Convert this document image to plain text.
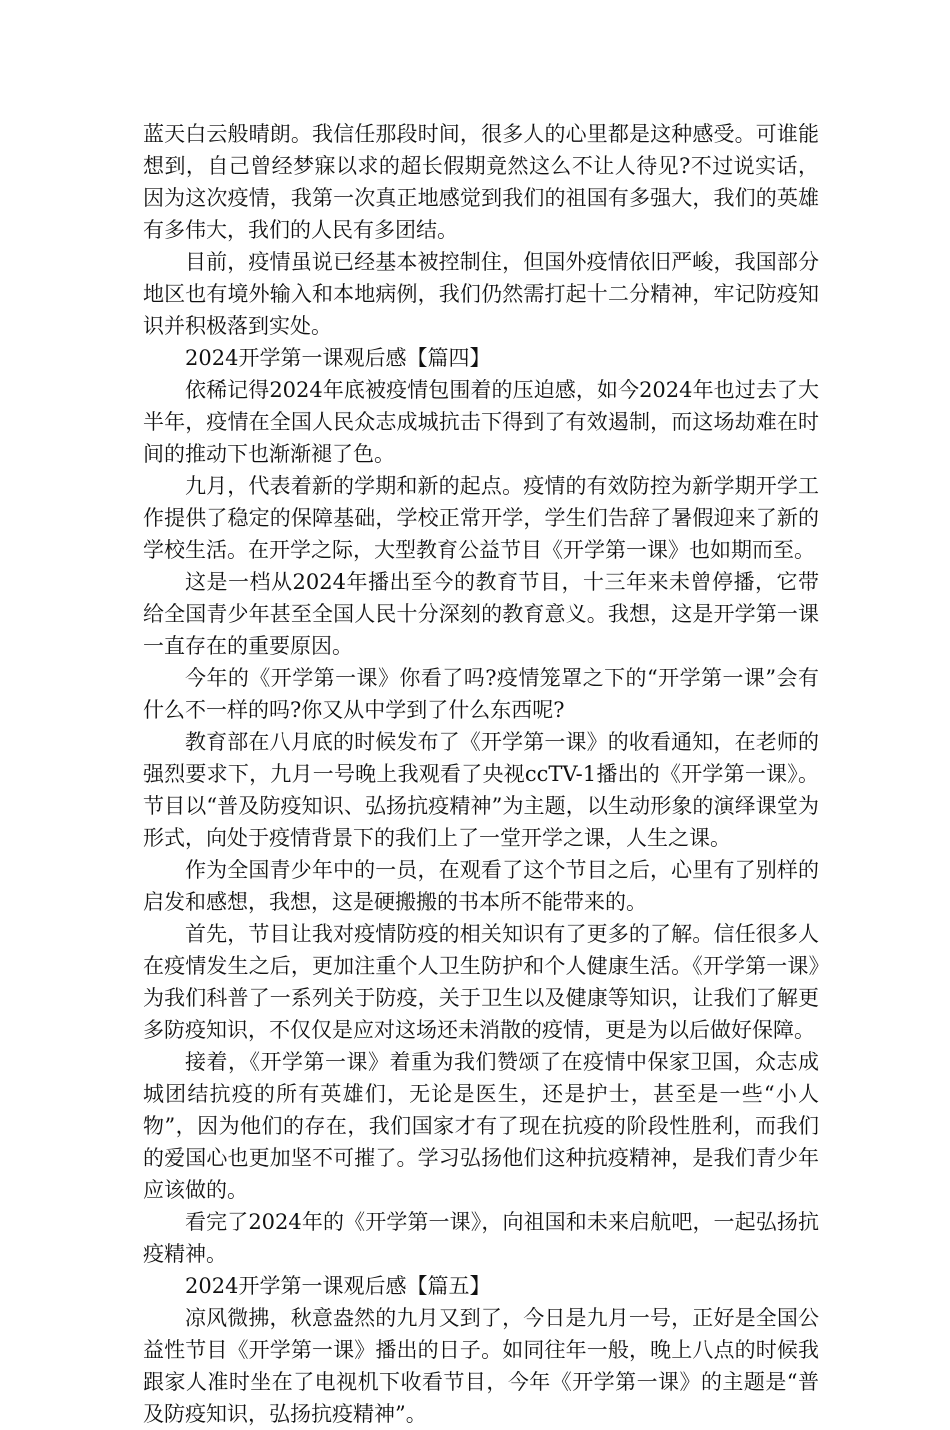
蓝天白云般晴朗。我信任那段时间，很多人的心里都是这种感受。可谁能想到，自己曾经梦寐以求的超长假期竟然这么不让人待见?不过说实话，因为这次疫情，我第一次真正地感觉到我们的祖国有多强大，我们的英雄有多伟大，我们的人民有多团结。

目前，疫情虽说已经基本被控制住，但国外疫情依旧严峻，我国部分地区也有境外输入和本地病例，我们仍然需打起十二分精神，牢记防疫知识并积极落到实处。

2024开学第一课观后感【篇四】

依稀记得2024年底被疫情包围着的压迫感，如今2024年也过去了大半年，疫情在全国人民众志成城抗击下得到了有效遏制，而这场劫难在时间的推动下也渐渐褪了色。

九月，代表着新的学期和新的起点。疫情的有效防控为新学期开学工作提供了稳定的保障基础，学校正常开学，学生们告辞了暑假迎来了新的学校生活。在开学之际，大型教育公益节目《开学第一课》也如期而至。

这是一档从2024年播出至今的教育节目，十三年来未曾停播，它带给全国青少年甚至全国人民十分深刻的教育意义。我想，这是开学第一课一直存在的重要原因。

今年的《开学第一课》你看了吗?疫情笼罩之下的“开学第一课”会有什么不一样的吗?你又从中学到了什么东西呢?

教育部在八月底的时候发布了《开学第一课》的收看通知，在老师的强烈要求下，九月一号晚上我观看了央视ccTV-1播出的《开学第一课》。节目以“普及防疫知识、弘扬抗疫精神”为主题，以生动形象的演绎课堂为形式，向处于疫情背景下的我们上了一堂开学之课，人生之课。

作为全国青少年中的一员，在观看了这个节目之后，心里有了别样的启发和感想，我想，这是硬搬搬的书本所不能带来的。

首先，节目让我对疫情防疫的相关知识有了更多的了解。信任很多人在疫情发生之后，更加注重个人卫生防护和个人健康生活。《开学第一课》为我们科普了一系列关于防疫，关于卫生以及健康等知识，让我们了解更多防疫知识，不仅仅是应对这场还未消散的疫情，更是为以后做好保障。

接着，《开学第一课》着重为我们赞颂了在疫情中保家卫国，众志成城团结抗疫的所有英雄们，无论是医生，还是护士，甚至是一些“小人物”，因为他们的存在，我们国家才有了现在抗疫的阶段性胜利，而我们的爱国心也更加坚不可摧了。学习弘扬他们这种抗疫精神，是我们青少年应该做的。

看完了2024年的《开学第一课》，向祖国和未来启航吧，一起弘扬抗疫精神。

2024开学第一课观后感【篇五】

凉风微拂，秋意盎然的九月又到了，今日是九月一号，正好是全国公益性节目《开学第一课》播出的日子。如同往年一般，晚上八点的时候我跟家人准时坐在了电视机下收看节目，今年《开学第一课》的主题是“普及防疫知识，弘扬抗疫精神”。
